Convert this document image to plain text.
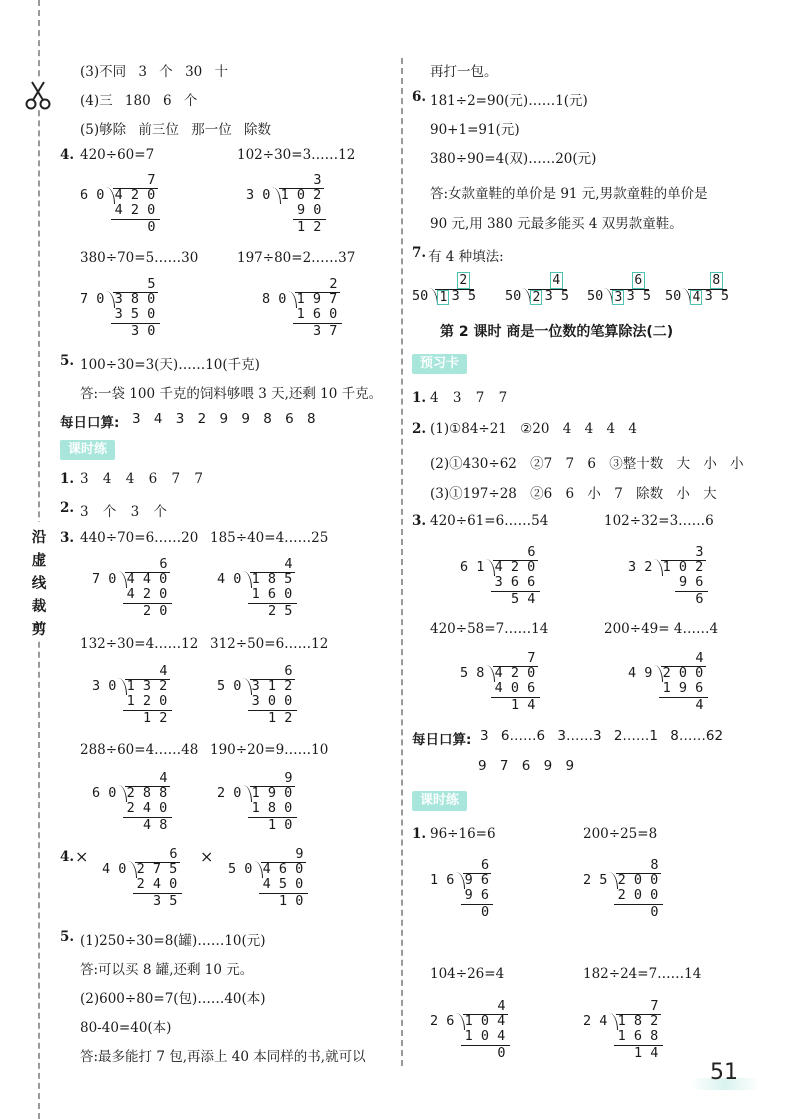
沿虚线裁剪
(3)不同 3 个 30 十
(4)三 180 6 个
(5)够除 前三位 那一位 除数
4. 420÷60=7	102÷30=3……12
7
6 0 4 2 0
4 2 0
0
3
3 0 1 0 2
9 0
1 2
380÷70=5……30	197÷80=2……37
5
7 0 3 8 0
3 5 0
3 0
2
8 0 1 9 7
1 6 0
3 7
5. 100÷30=3(天)……10(千克)
答:一袋 100 千克的饲料够喂 3 天,还剩 10 千克。
每日口算: 3 4 3 2 9 9 8 6 8
课时练
1. 3 4 4 6 7 7
2. 3 个 3 个
3. 440÷70=6……20 185÷40=4……25
6
7 0 4 4 0
4 2 0
2 0
4
4 0 1 8 5
1 6 0
2 5
132÷30=4……12 312÷50=6……12
4
3 0 1 3 2
1 2 0
1 2
6
5 0 3 1 2
3 0 0
1 2
288÷60=4……48 190÷20=9……10
4
6 0 2 8 8
2 4 0
4 8
9
2 0 1 9 0
1 8 0
1 0
4. ×	6
4 0 2 7 5
2 4 0
3 5
×	9
5 0 4 6 0
4 5 0
1 0
5. (1)250÷30=8(罐)……10(元)
答:可以买 8 罐,还剩 10 元。
(2)600÷80=7(包)……40(本)
80-40=40(本)
答:最多能打 7 包,再添上 40 本同样的书,就可以
再打一包。
6. 181÷2=90(元)……1(元)
90+1=91(元)
380÷90=4(双)……20(元)
答:女款童鞋的单价是 91 元,男款童鞋的单价是
90 元,用 380 元最多能买 4 双男款童鞋。
7. 有 4 种填法:
2
50 1 3 5
4
50 2 3 5
6
50 3 3 5
8
50 4 3 5
第 2 课时 商是一位数的笔算除法(二)
预习卡
1. 4 3 7 7
2. (1)①84÷21 ②20 4 4 4 4
(2)①430÷62 ②7 7 6 ③整十数 大 小 小
(3)①197÷28 ②6 6 小 7 除数 小 大
3. 420÷61=6……54	102÷32=3……6
6
6 1 4 2 0
3 6 6
5 4
3
3 2 1 0 2
9 6
6
420÷58=7……14	200÷49= 4……4
7
5 8 4 2 0
4 0 6
1 4
4
4 9 2 0 0
1 9 6
4
每日口算: 3 6……6 3……3 2……1 8……62
9 7 6 9 9
课时练
1. 96÷16=6	200÷25=8
6
1 6 9 6
9 6
0
8
2 5 2 0 0
2 0 0
0
104÷26=4	182÷24=7……14
4
2 6 1 0 4
1 0 4
0
7
2 4 1 8 2
1 6 8
1 4
51
